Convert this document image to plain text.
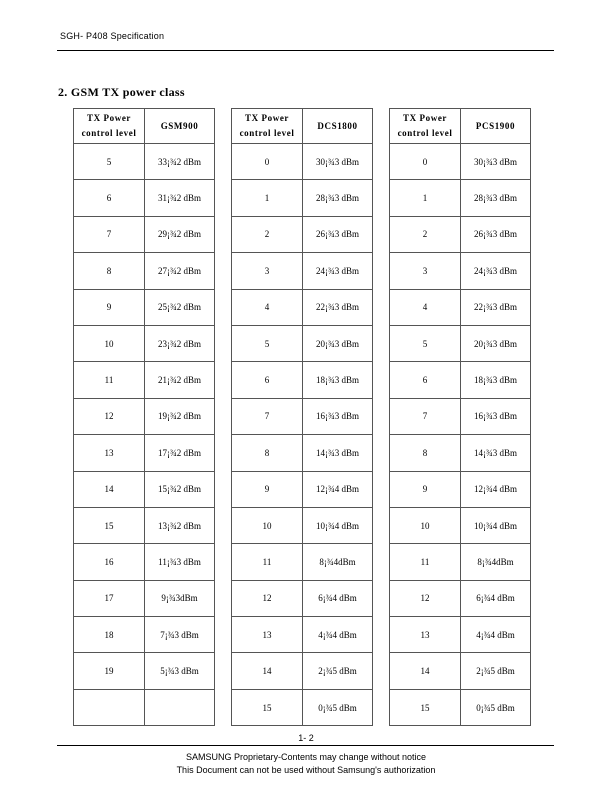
SGH- P408 Specification
2. GSM TX power class
TX Power
control level	GSM900
5	33¡¾2 dBm
6	31¡¾2 dBm
7	29¡¾2 dBm
8	27¡¾2 dBm
9	25¡¾2 dBm
10	23¡¾2 dBm
11	21¡¾2 dBm
12	19¡¾2 dBm
13	17¡¾2 dBm
14	15¡¾2 dBm
15	13¡¾2 dBm
16	11¡¾3 dBm
17	9¡¾3dBm
18	7¡¾3 dBm
19	5¡¾3 dBm

TX Power
control level	DCS1800
0	30¡¾3 dBm
1	28¡¾3 dBm
2	26¡¾3 dBm
3	24¡¾3 dBm
4	22¡¾3 dBm
5	20¡¾3 dBm
6	18¡¾3 dBm
7	16¡¾3 dBm
8	14¡¾3 dBm
9	12¡¾4 dBm
10	10¡¾4 dBm
11	8¡¾4dBm
12	6¡¾4 dBm
13	4¡¾4 dBm
14	2¡¾5 dBm
15	0¡¾5 dBm
TX Power
control level	PCS1900
0	30¡¾3 dBm
1	28¡¾3 dBm
2	26¡¾3 dBm
3	24¡¾3 dBm
4	22¡¾3 dBm
5	20¡¾3 dBm
6	18¡¾3 dBm
7	16¡¾3 dBm
8	14¡¾3 dBm
9	12¡¾4 dBm
10	10¡¾4 dBm
11	8¡¾4dBm
12	6¡¾4 dBm
13	4¡¾4 dBm
14	2¡¾5 dBm
15	0¡¾5 dBm
1- 2
SAMSUNG Proprietary-Contents may change without notice
This Document can not be used without Samsung's authorization
